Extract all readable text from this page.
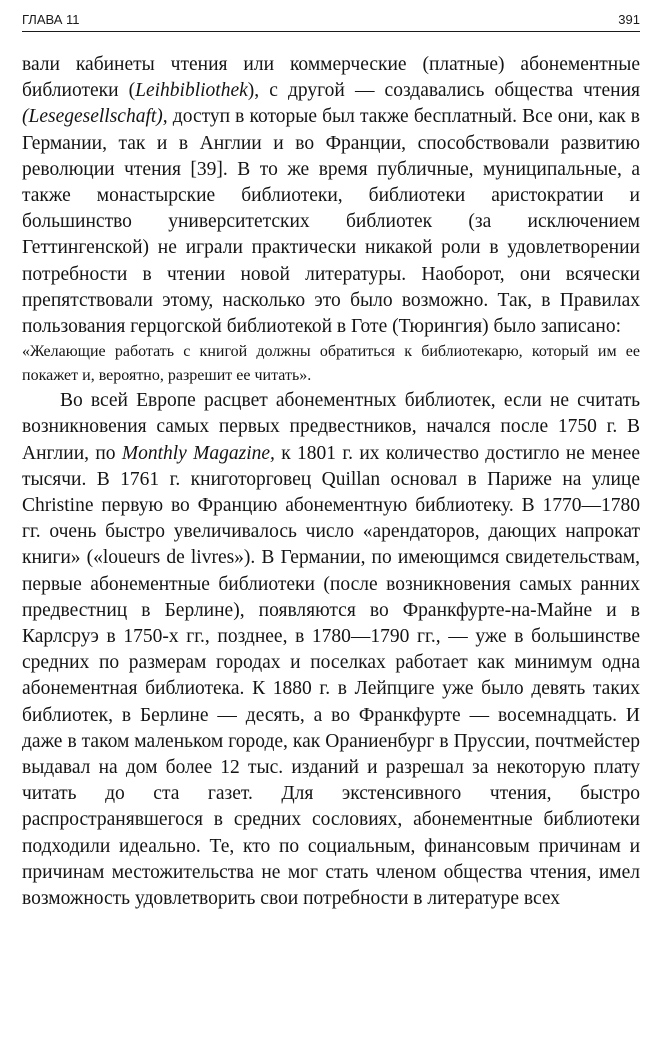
ГЛАВА 11	391

вали кабинеты чтения или коммерческие (платные) абонементные библиотеки (Leihbibliothek), с другой — создавались общества чтения (Lesegesellschaft), доступ в которые был также бесплатный. Все они, как в Германии, так и в Англии и во Франции, способствовали развитию революции чтения [39]. В то же время публичные, муниципальные, а также монастырские библиотеки, библиотеки аристократии и большинство университетских библиотек (за исключением Геттингенской) не играли практически никакой роли в удовлетворении потребности в чтении новой литературы. Наоборот, они всячески препятствовали этому, насколько это было возможно. Так, в Правилах пользования герцогской библиотекой в Готе (Тюрингия) было записано:

«Желающие работать с книгой должны обратиться к библиотекарю, который им ее покажет и, вероятно, разрешит ее читать».

Во всей Европе расцвет абонементных библиотек, если не считать возникновения самых первых предвестников, начался после 1750 г. В Англии, по Monthly Magazine, к 1801 г. их количество достигло не менее тысячи. В 1761 г. книготорговец Quillan основал в Париже на улице Christine первую во Францию абонементную библиотеку. В 1770—1780 гг. очень быстро увеличивалось число «арендаторов, дающих напрокат книги» («loueurs de livres»). В Германии, по имеющимся свидетельствам, первые абонементные библиотеки (после возникновения самых ранних предвестниц в Берлине), появляются во Франкфурте-на-Майне и в Карлсруэ в 1750-х гг., позднее, в 1780—1790 гг., — уже в большинстве средних по размерам городах и поселках работает как минимум одна абонементная библиотека. К 1880 г. в Лейпциге уже было девять таких библиотек, в Берлине — десять, а во Франкфурте — восемнадцать. И даже в таком маленьком городе, как Ораниенбург в Пруссии, почтмейстер выдавал на дом более 12 тыс. изданий и разрешал за некоторую плату читать до ста газет. Для экстенсивного чтения, быстро распространявшегося в средних сословиях, абонементные библиотеки подходили идеально. Те, кто по социальным, финансовым причинам и причинам местожительства не мог стать членом общества чтения, имел возможность удовлетворить свои потребности в литературе всех
